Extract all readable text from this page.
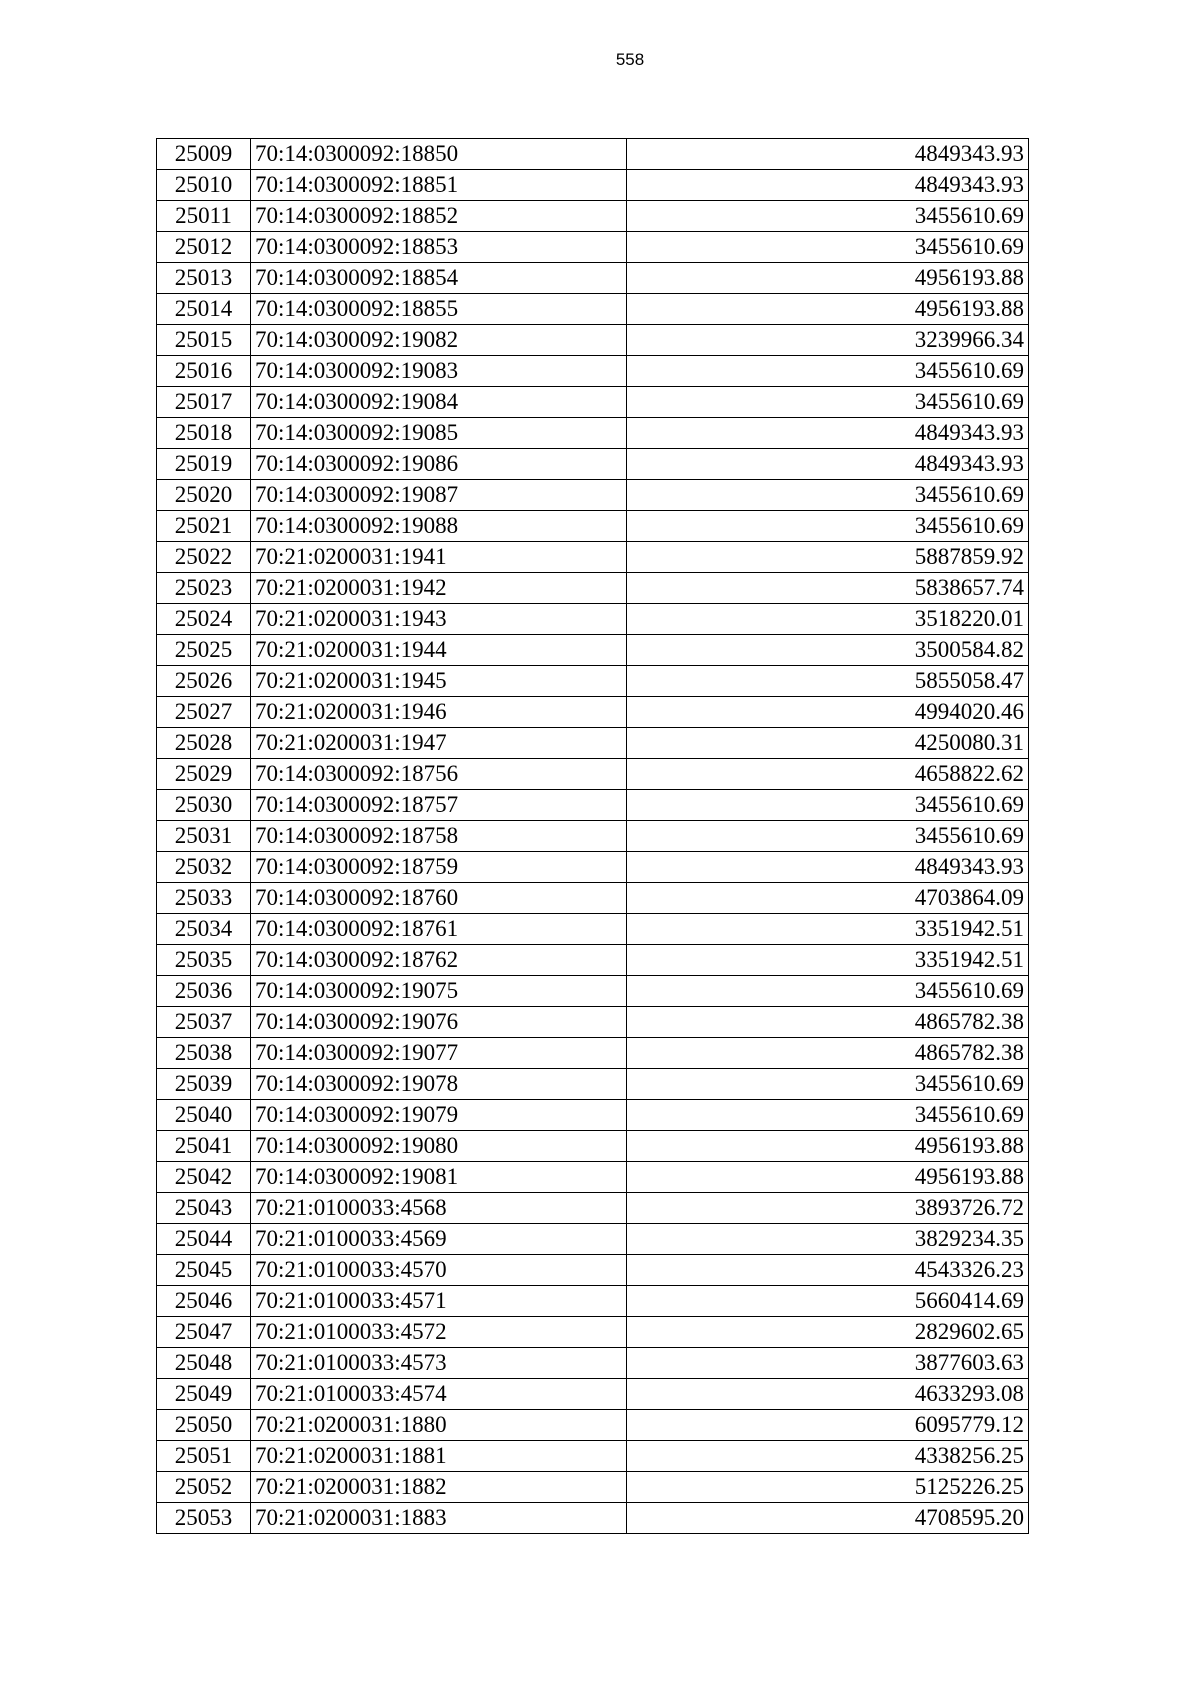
558
25009	70:14:0300092:18850	4849343.93
25010	70:14:0300092:18851	4849343.93
25011	70:14:0300092:18852	3455610.69
25012	70:14:0300092:18853	3455610.69
25013	70:14:0300092:18854	4956193.88
25014	70:14:0300092:18855	4956193.88
25015	70:14:0300092:19082	3239966.34
25016	70:14:0300092:19083	3455610.69
25017	70:14:0300092:19084	3455610.69
25018	70:14:0300092:19085	4849343.93
25019	70:14:0300092:19086	4849343.93
25020	70:14:0300092:19087	3455610.69
25021	70:14:0300092:19088	3455610.69
25022	70:21:0200031:1941	5887859.92
25023	70:21:0200031:1942	5838657.74
25024	70:21:0200031:1943	3518220.01
25025	70:21:0200031:1944	3500584.82
25026	70:21:0200031:1945	5855058.47
25027	70:21:0200031:1946	4994020.46
25028	70:21:0200031:1947	4250080.31
25029	70:14:0300092:18756	4658822.62
25030	70:14:0300092:18757	3455610.69
25031	70:14:0300092:18758	3455610.69
25032	70:14:0300092:18759	4849343.93
25033	70:14:0300092:18760	4703864.09
25034	70:14:0300092:18761	3351942.51
25035	70:14:0300092:18762	3351942.51
25036	70:14:0300092:19075	3455610.69
25037	70:14:0300092:19076	4865782.38
25038	70:14:0300092:19077	4865782.38
25039	70:14:0300092:19078	3455610.69
25040	70:14:0300092:19079	3455610.69
25041	70:14:0300092:19080	4956193.88
25042	70:14:0300092:19081	4956193.88
25043	70:21:0100033:4568	3893726.72
25044	70:21:0100033:4569	3829234.35
25045	70:21:0100033:4570	4543326.23
25046	70:21:0100033:4571	5660414.69
25047	70:21:0100033:4572	2829602.65
25048	70:21:0100033:4573	3877603.63
25049	70:21:0100033:4574	4633293.08
25050	70:21:0200031:1880	6095779.12
25051	70:21:0200031:1881	4338256.25
25052	70:21:0200031:1882	5125226.25
25053	70:21:0200031:1883	4708595.20
